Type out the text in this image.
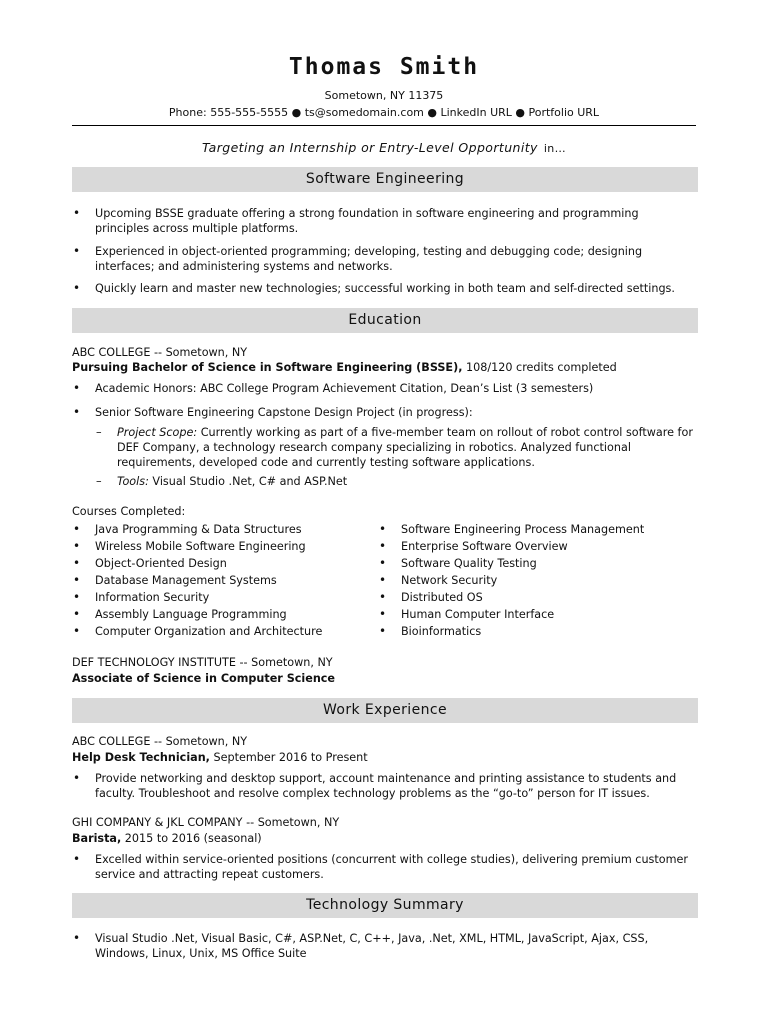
Thomas Smith
Sometown, NY 11375
Phone: 555-555-5555 ● ts@somedomain.com ● LinkedIn URL ● Portfolio URL
Targeting an Internship or Entry-Level Opportunity in…
Software Engineering
• Upcoming BSSE graduate offering a strong foundation in software engineering and programming principles across multiple platforms.
• Experienced in object-oriented programming; developing, testing and debugging code; designing interfaces; and administering systems and networks.
• Quickly learn and master new technologies; successful working in both team and self-directed settings.
Education
ABC COLLEGE -- Sometown, NY
Pursuing Bachelor of Science in Software Engineering (BSSE), 108/120 credits completed
• Academic Honors: ABC College Program Achievement Citation, Dean’s List (3 semesters)
• Senior Software Engineering Capstone Design Project (in progress):
– Project Scope: Currently working as part of a five-member team on rollout of robot control software for DEF Company, a technology research company specializing in robotics. Analyzed functional requirements, developed code and currently testing software applications.
– Tools: Visual Studio .Net, C# and ASP.Net
Courses Completed:
• Java Programming & Data Structures
• Wireless Mobile Software Engineering
• Object-Oriented Design
• Database Management Systems
• Information Security
• Assembly Language Programming
• Computer Organization and Architecture
• Software Engineering Process Management
• Enterprise Software Overview
• Software Quality Testing
• Network Security
• Distributed OS
• Human Computer Interface
• Bioinformatics
DEF TECHNOLOGY INSTITUTE -- Sometown, NY
Associate of Science in Computer Science
Work Experience
ABC COLLEGE -- Sometown, NY
Help Desk Technician, September 2016 to Present
• Provide networking and desktop support, account maintenance and printing assistance to students and faculty. Troubleshoot and resolve complex technology problems as the “go-to” person for IT issues.
GHI COMPANY & JKL COMPANY -- Sometown, NY
Barista, 2015 to 2016 (seasonal)
• Excelled within service-oriented positions (concurrent with college studies), delivering premium customer service and attracting repeat customers.
Technology Summary
• Visual Studio .Net, Visual Basic, C#, ASP.Net, C, C++, Java, .Net, XML, HTML, JavaScript, Ajax, CSS, Windows, Linux, Unix, MS Office Suite
